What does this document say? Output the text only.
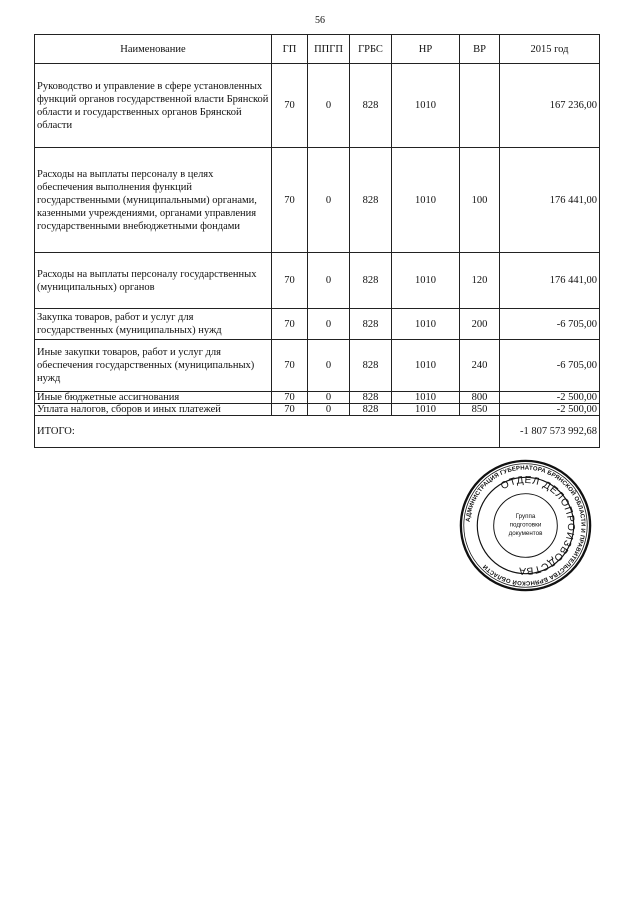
56
Наименование	ГП	ППГП	ГРБС	НР	ВР	2015 год
Руководство и управление в сфере установленных функций органов государственной власти Брянской области и государственных органов Брянской области	70	0	828	1010		167 236,00
Расходы на выплаты персоналу в целях обеспечения выполнения функций государственными (муниципальными) органами, казенными учреждениями, органами управления государственными внебюджетными фондами	70	0	828	1010	100	176 441,00
Расходы на выплаты персоналу государственных (муниципальных) органов	70	0	828	1010	120	176 441,00
Закупка товаров, работ и услуг для государственных (муниципальных) нужд	70	0	828	1010	200	-6 705,00
Иные закупки товаров, работ и услуг для обеспечения государственных (муниципальных) нужд	70	0	828	1010	240	-6 705,00
Иные бюджетные ассигнования	70	0	828	1010	800	-2 500,00
Уплата налогов, сборов и иных платежей	70	0	828	1010	850	-2 500,00
ИТОГО:						-1 807 573 992,68
АДМИНИСТРАЦИЯ ГУБЕРНАТОРА БРЯНСКОЙ ОБЛАСТИ И ПРАВИТЕЛЬСТВА БРЯНСКОЙ ОБЛАСТИ
ОТДЕЛ ДЕЛОПРОИЗВОДСТВА
Группа
подготовки
документов
